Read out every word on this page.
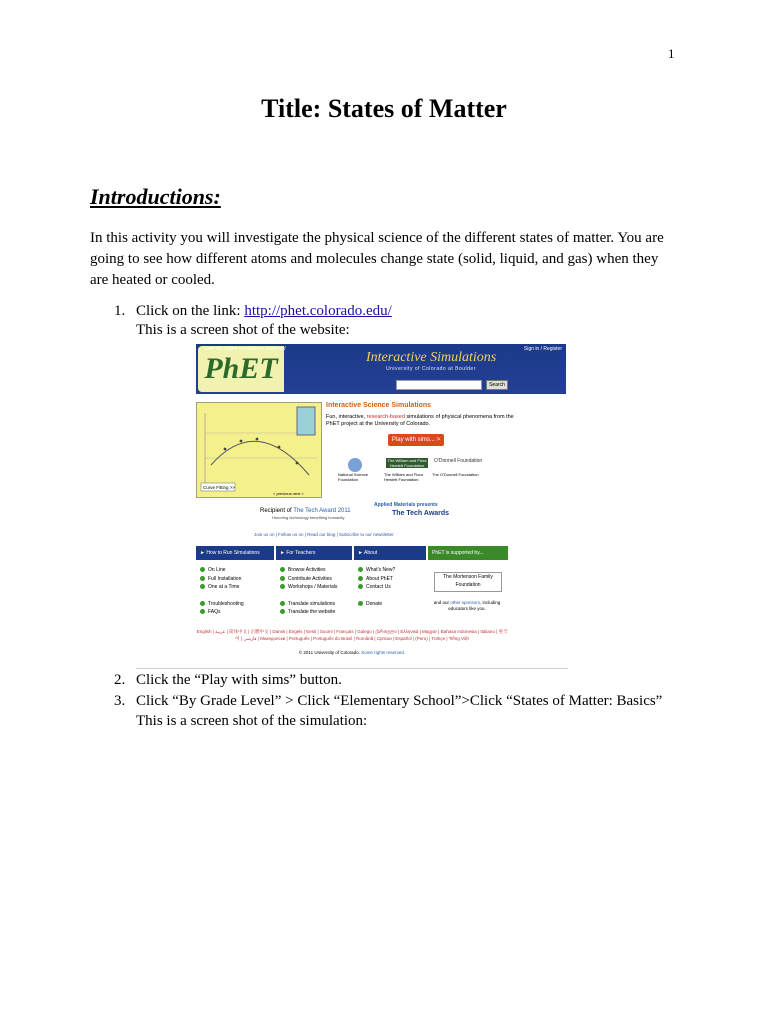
1
Title: States of Matter
Introductions:
In this activity you will investigate the physical science of the different states of matter. You are going to see how different atoms and molecules change state (solid, liquid, and gas) when they are heated or cooled.
1. Click on the link: http://phet.colorado.edu/
This is a screen shot of the website:
PhET
Over 80 million simulations delivered
Interactive Simulations
University of Colorado at Boulder
Sign in / Register
Search
Curve Fitting >>
< previous next >
Interactive Science Simulations
Fun, interactive, research-based simulations of physical phenomena from the PhET project at the University of Colorado.
Play with sims... >
The William and Flora Hewlett Foundation
O'Donnell Foundation
National Science Foundation
The William and Flora Hewlett Foundation
The O'Donnell Foundation
Recipient of The Tech Award 2011
Honoring technology benefiting humanity
Applied Materials presents
The Tech Awards
Join us on | Follow us on | Read our blog | Subscribe to our newsletter
► How to Run Simulations	► For Teachers	► About	PhET is supported by...
On Line
Full Installation
One at a Time
Troubleshooting
FAQs
Browse Activities
Contribute Activities
Workshops / Materials
Translate simulations
Translate the website
What's New?
About PhET
Contact Us
Donate
The Mortenson Family Foundation
and our other sponsors, including educators like you.
English | عربية | 简体中文 | 正體中文 | Dansk | Engels | Eesti | Suomi | Français | Galego | ქართული | Ελληνικά | Magyar | Bahasa Indonesia | Italiano | 한국어 | فارسی | Македонски | Português | Português do Brasil | Română | Српски | Español | (Peru) | Türkçe | Tiếng Việt
© 2011 University of Colorado. Some rights reserved.
2. Click the “Play with sims” button.
3. Click “By Grade Level” > Click “Elementary School”>Click “States of Matter: Basics”
This is a screen shot of the simulation:
